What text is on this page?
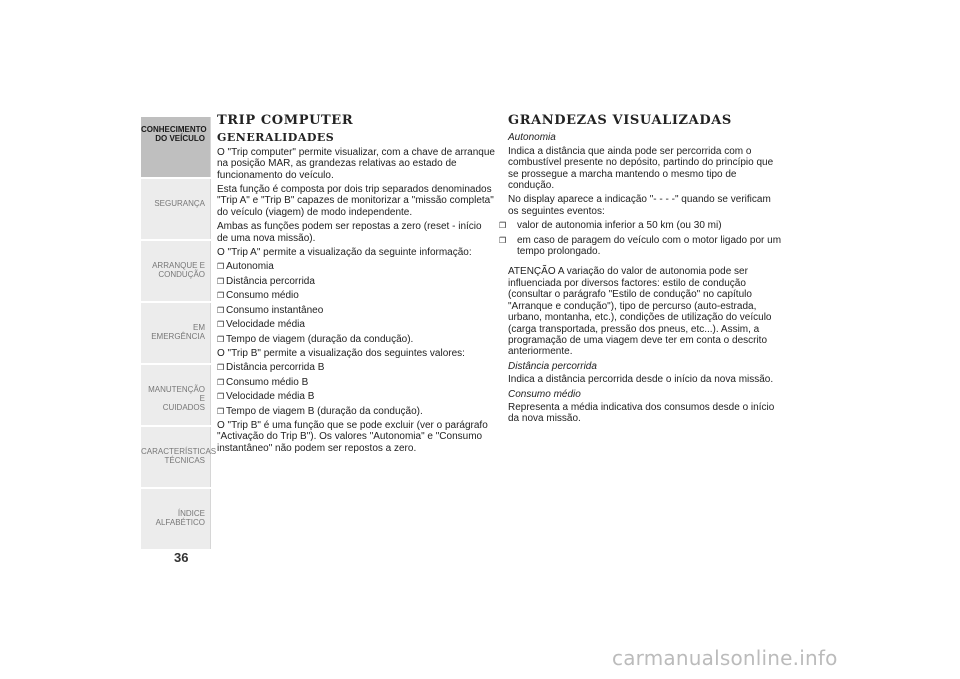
CONHECIMENTO
DO VEÍCULO
SEGURANÇA
ARRANQUE E
CONDUÇÃO
EM EMERGÊNCIA
MANUTENÇÃO E
CUIDADOS
CARACTERÍSTICAS
TÉCNICAS
ÍNDICE ALFABÉTICO
36
TRIP COMPUTER
GENERALIDADES

O "Trip computer" permite visualizar, com a chave de arranque na posição MAR, as grandezas relativas ao estado de funcionamento do veículo.

Esta função é composta por dois trip separados denominados "Trip A" e "Trip B" capazes de monitorizar a "missão completa" do veículo (viagem) de modo independente.

Ambas as funções podem ser repostas a zero (reset - início de uma nova missão).

O "Trip A" permite a visualização da seguinte informação:

❒ Autonomia
❒ Distância percorrida
❒ Consumo médio
❒ Consumo instantâneo
❒ Velocidade média
❒ Tempo de viagem (duração da condução).

O "Trip B" permite a visualização dos seguintes valores:

❒ Distância percorrida B
❒ Consumo médio B
❒ Velocidade média B
❒ Tempo de viagem B (duração da condução).

O "Trip B" é uma função que se pode excluir (ver o parágrafo "Activação do Trip B"). Os valores "Autonomia" e "Consumo instantâneo" não podem ser repostos a zero.

GRANDEZAS VISUALIZADAS
Autonomia

Indica a distância que ainda pode ser percorrida com o combustível presente no depósito, partindo do princípio que se prossegue a marcha mantendo o mesmo tipo de condução.

No display aparece a indicação "- - - -" quando se verificam os seguintes eventos:

❒ valor de autonomia inferior a 50 km (ou 30 mi)
❒ em caso de paragem do veículo com o motor ligado por um tempo prolongado.

ATENÇÃO A variação do valor de autonomia pode ser influenciada por diversos factores: estilo de condução (consultar o parágrafo "Estilo de condução" no capítulo "Arranque e condução"), tipo de percurso (auto-estrada, urbano, montanha, etc.), condições de utilização do veículo (carga transportada, pressão dos pneus, etc...). Assim, a programação de uma viagem deve ter em conta o descrito anteriormente.

Distância percorrida

Indica a distância percorrida desde o início da nova missão.

Consumo médio

Representa a média indicativa dos consumos desde o início da nova missão.

carmanualsonline.info
